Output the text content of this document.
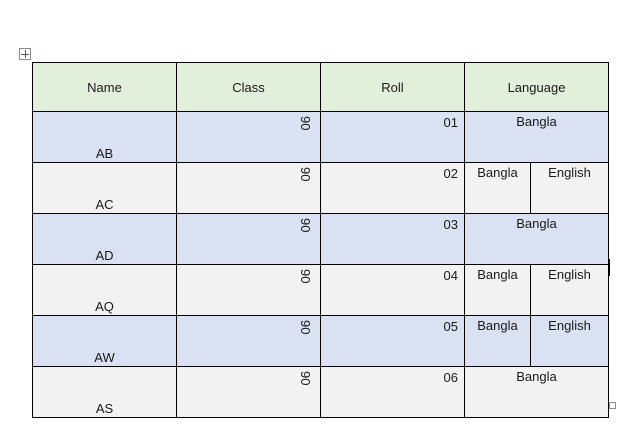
Name	Class	Roll	Language	

AB	90	01	Bangla	

AC	90	02	Bangla	English

AD	90	03	Bangla	

AQ	90	04	Bangla	English

AW	90	05	Bangla	English

AS	90	06	Bangla	
